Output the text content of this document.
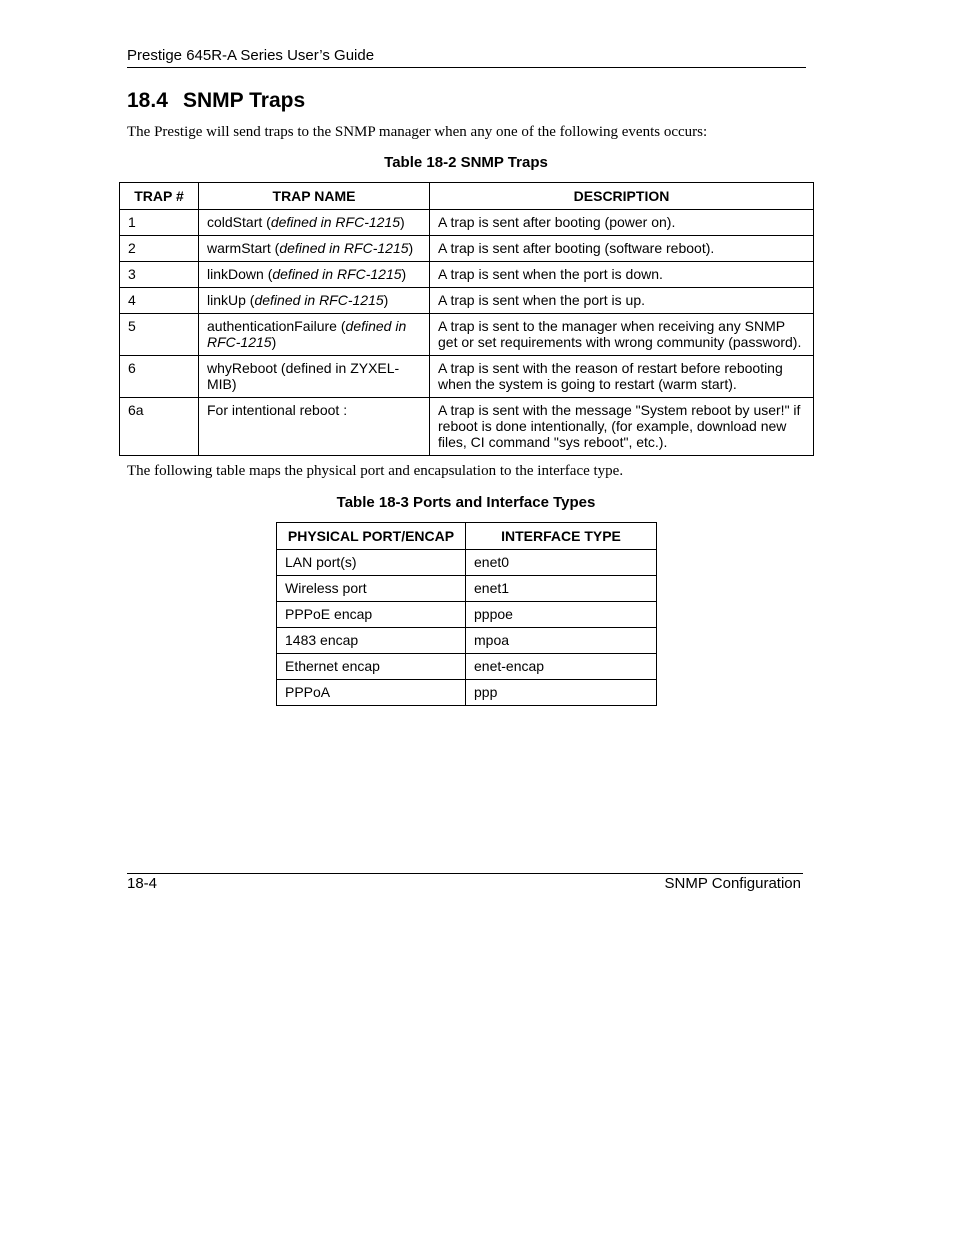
Prestige 645R-A Series User’s Guide
18.4 SNMP Traps

The Prestige will send traps to the SNMP manager when any one of the following events occurs:

Table 18-2 SNMP Traps
TRAP #	TRAP NAME	DESCRIPTION
1	coldStart (defined in RFC-1215)	A trap is sent after booting (power on).
2	warmStart (defined in RFC-1215)	A trap is sent after booting (software reboot).
3	linkDown (defined in RFC-1215)	A trap is sent when the port is down.
4	linkUp (defined in RFC-1215)	A trap is sent when the port is up.
5	authenticationFailure (defined in RFC-1215)	A trap is sent to the manager when receiving any SNMP get or set requirements with wrong community (password).
6	whyReboot (defined in ZYXEL-MIB)	A trap is sent with the reason of restart before rebooting when the system is going to restart (warm start).
6a	For intentional reboot :	A trap is sent with the message "System reboot by user!" if reboot is done intentionally, (for example, download new files, CI command "sys reboot", etc.).

The following table maps the physical port and encapsulation to the interface type.

Table 18-3 Ports and Interface Types
PHYSICAL PORT/ENCAP	INTERFACE TYPE
LAN port(s)	enet0
Wireless port	enet1
PPPoE encap	pppoe
1483 encap	mpoa
Ethernet encap	enet-encap
PPPoA	ppp
18-4	SNMP Configuration
